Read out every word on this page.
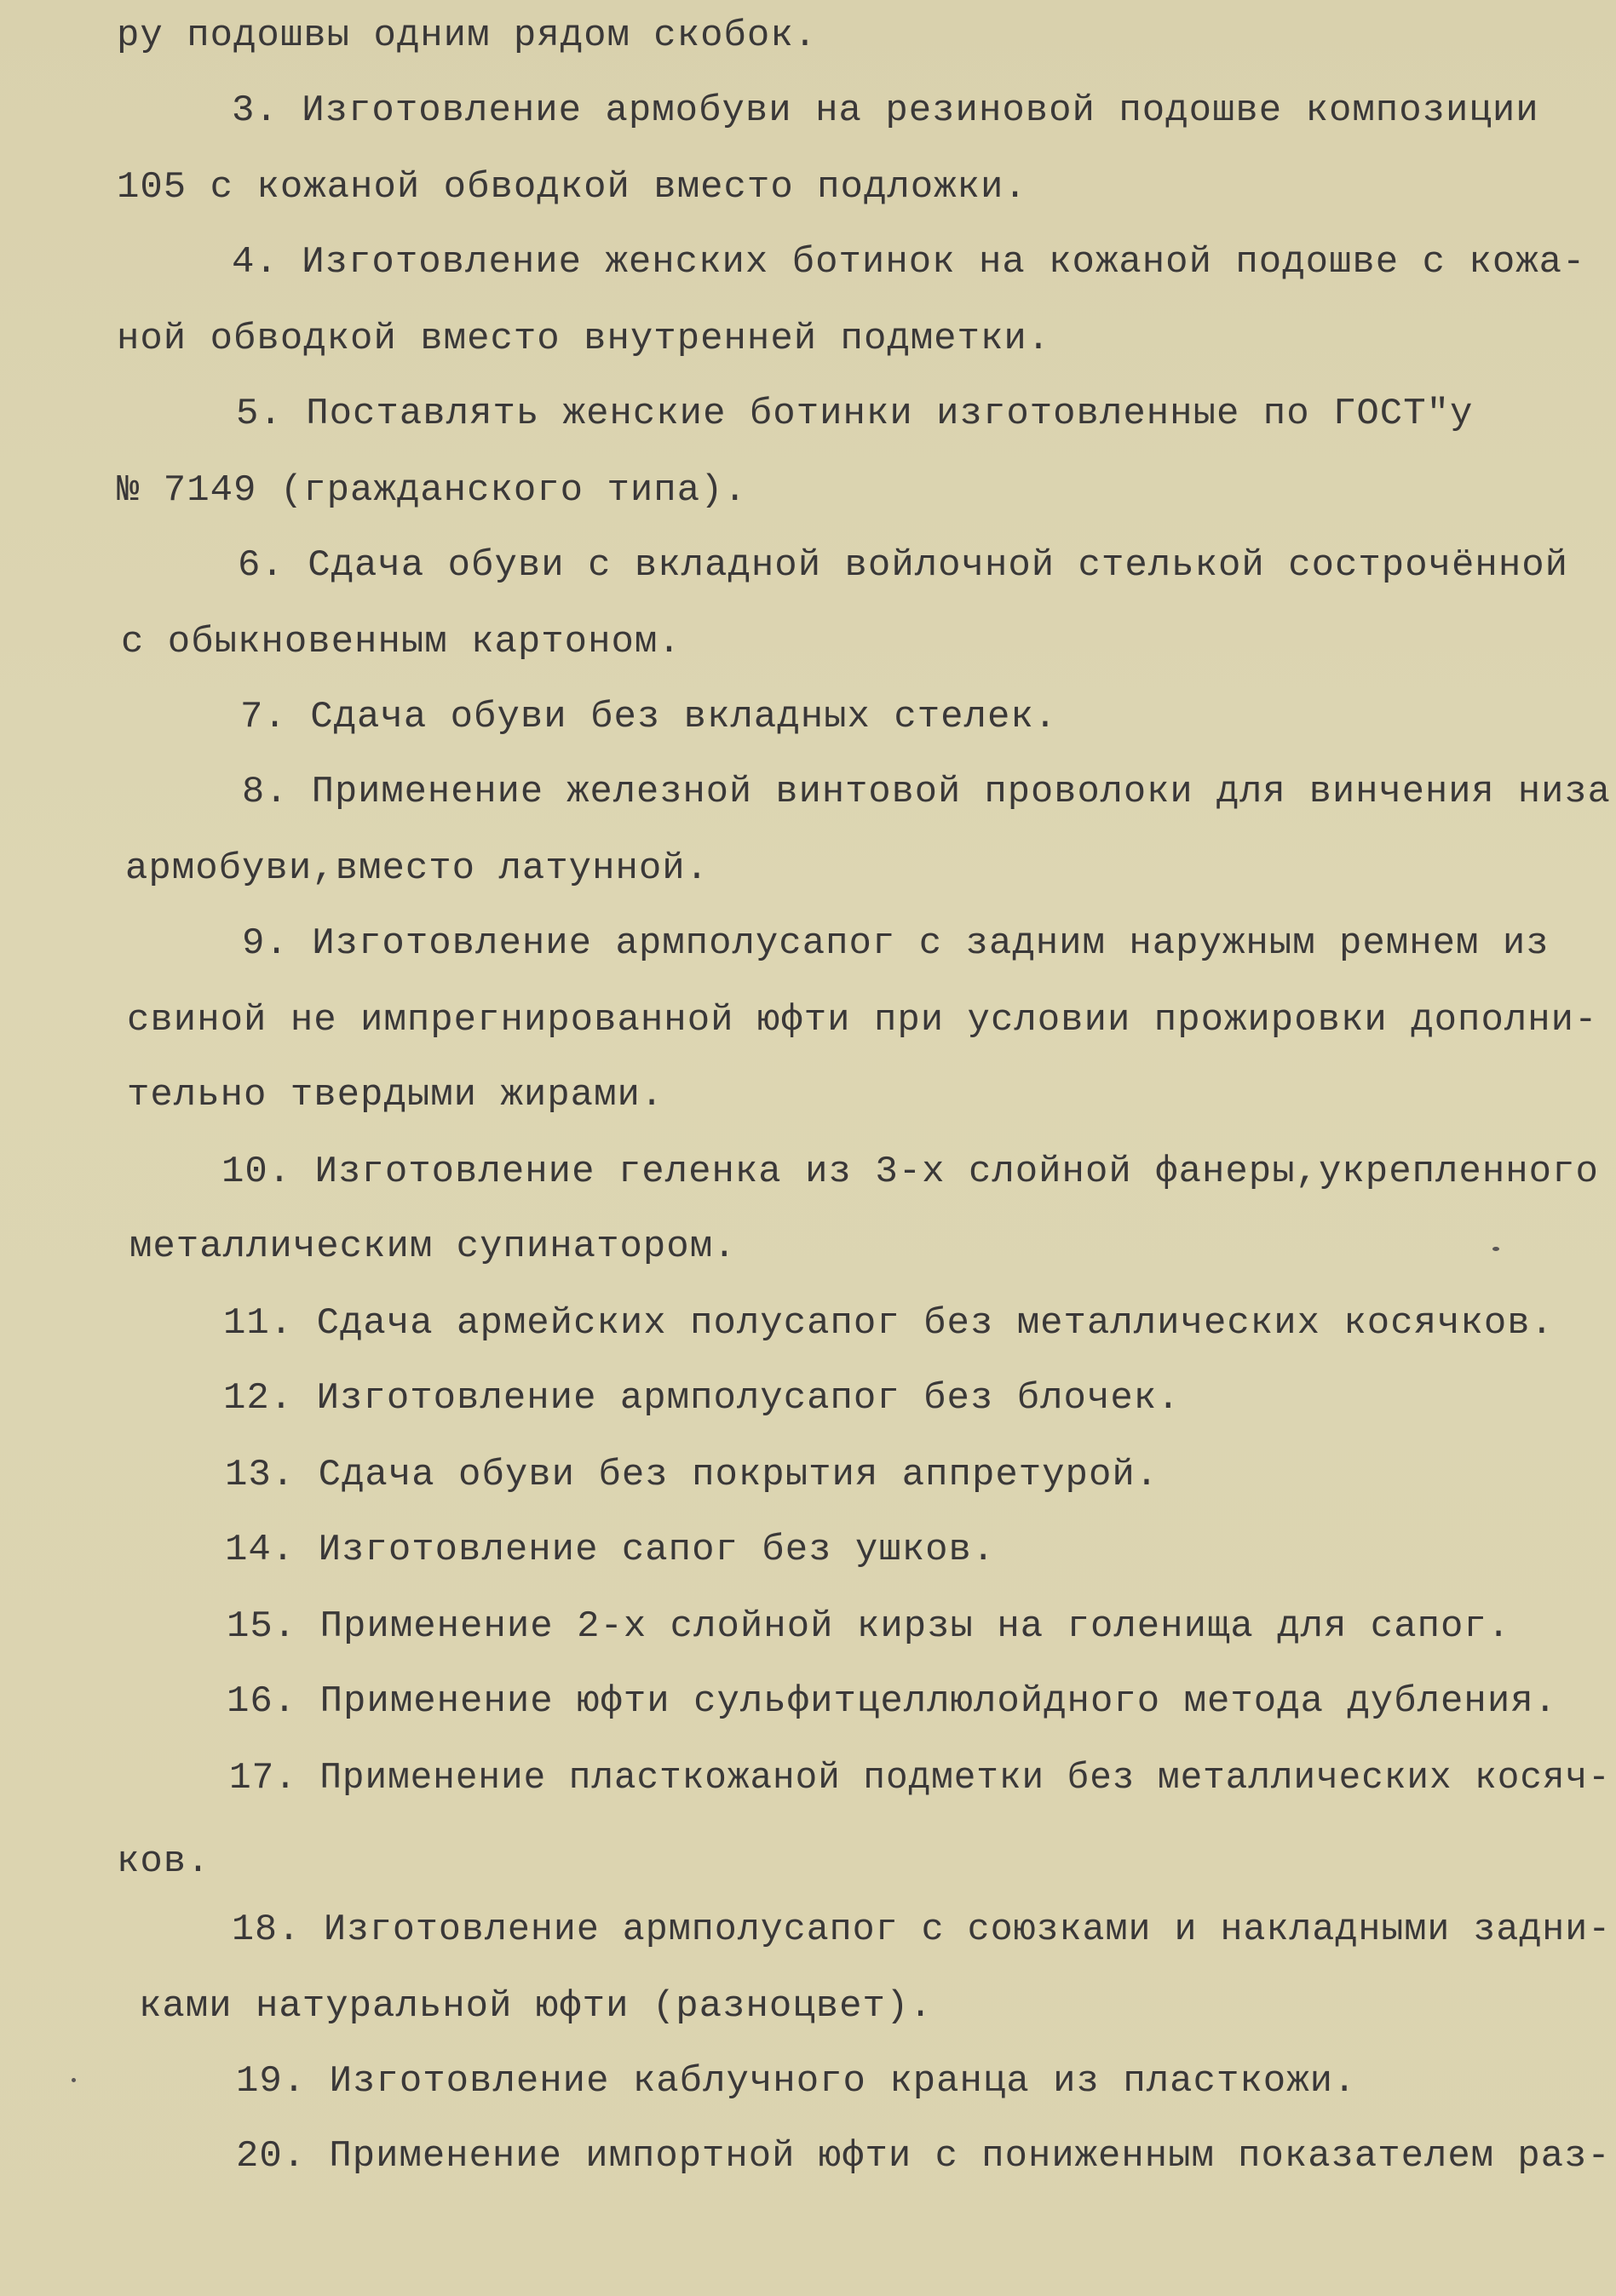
ру подошвы одним рядом скобок.
3. Изготовление армобуви на резиновой подошве композиции
105 с кожаной обводкой вместо подложки.
4. Изготовление женских ботинок на кожаной подошве с кожа-
ной обводкой вместо внутренней подметки.
5. Поставлять женские ботинки изготовленные по ГОСТ"у
№ 7149 (гражданского типа).
6. Сдача обуви с вкладной войлочной стелькой сострочённой
с обыкновенным картоном.
7. Сдача обуви без вкладных стелек.
8. Применение железной винтовой проволоки для винчения низа
армобуви,вместо латунной.
9. Изготовление армполусапог с задним наружным ремнем из
свиной не импрегнированной юфти при условии прожировки дополни-
тельно твердыми жирами.
10. Изготовление геленка из 3-х слойной фанеры,укрепленного
металлическим супинатором.
11. Сдача армейских полусапог без металлических косячков.
12. Изготовление армполусапог без блочек.
13. Сдача обуви без покрытия аппретурой.
14. Изготовление сапог без ушков.
15. Применение 2-х слойной кирзы на голенища для сапог.
16. Применение юфти сульфитцеллюлойдного метода дубления.
17. Применение пласткожаной подметки без металлических косяч-
ков.
18. Изготовление армполусапог с союзками и накладными задни-
ками натуральной юфти (разноцвет).
19. Изготовление каблучного кранца из пласткожи.
20. Применение импортной юфти с пониженным показателем раз-
